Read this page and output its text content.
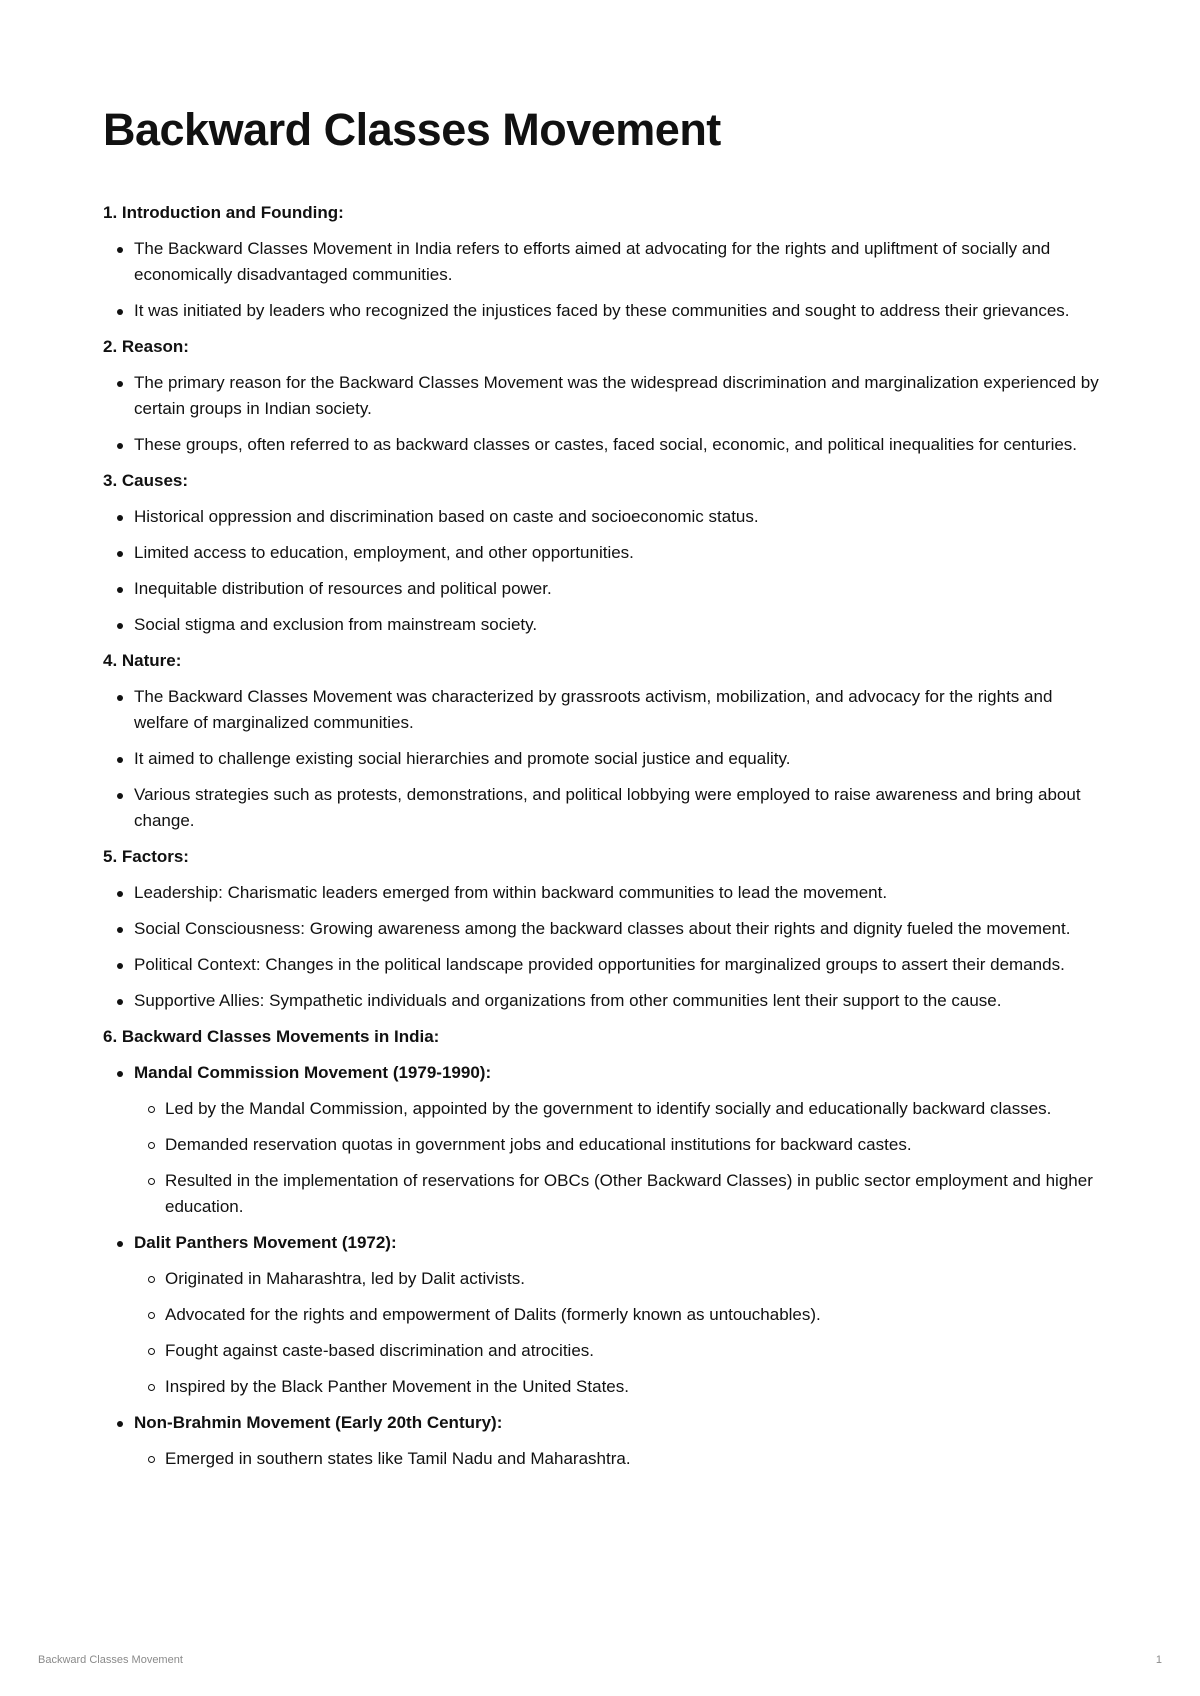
Backward Classes Movement
1. Introduction and Founding:
The Backward Classes Movement in India refers to efforts aimed at advocating for the rights and upliftment of socially and economically disadvantaged communities.
It was initiated by leaders who recognized the injustices faced by these communities and sought to address their grievances.
2. Reason:
The primary reason for the Backward Classes Movement was the widespread discrimination and marginalization experienced by certain groups in Indian society.
These groups, often referred to as backward classes or castes, faced social, economic, and political inequalities for centuries.
3. Causes:
Historical oppression and discrimination based on caste and socioeconomic status.
Limited access to education, employment, and other opportunities.
Inequitable distribution of resources and political power.
Social stigma and exclusion from mainstream society.
4. Nature:
The Backward Classes Movement was characterized by grassroots activism, mobilization, and advocacy for the rights and welfare of marginalized communities.
It aimed to challenge existing social hierarchies and promote social justice and equality.
Various strategies such as protests, demonstrations, and political lobbying were employed to raise awareness and bring about change.
5. Factors:
Leadership: Charismatic leaders emerged from within backward communities to lead the movement.
Social Consciousness: Growing awareness among the backward classes about their rights and dignity fueled the movement.
Political Context: Changes in the political landscape provided opportunities for marginalized groups to assert their demands.
Supportive Allies: Sympathetic individuals and organizations from other communities lent their support to the cause.
6. Backward Classes Movements in India:
Mandal Commission Movement (1979-1990):
Led by the Mandal Commission, appointed by the government to identify socially and educationally backward classes.
Demanded reservation quotas in government jobs and educational institutions for backward castes.
Resulted in the implementation of reservations for OBCs (Other Backward Classes) in public sector employment and higher education.
Dalit Panthers Movement (1972):
Originated in Maharashtra, led by Dalit activists.
Advocated for the rights and empowerment of Dalits (formerly known as untouchables).
Fought against caste-based discrimination and atrocities.
Inspired by the Black Panther Movement in the United States.
Non-Brahmin Movement (Early 20th Century):
Emerged in southern states like Tamil Nadu and Maharashtra.
Backward Classes Movement	1
